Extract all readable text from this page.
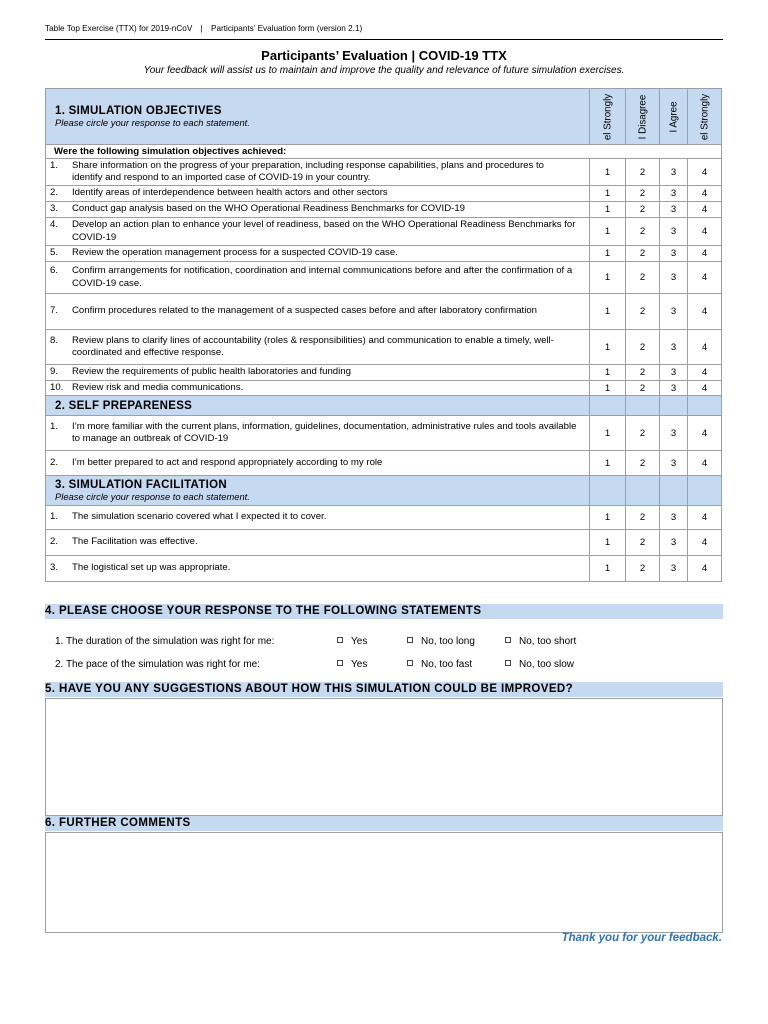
Table Top Exercise (TTX) for 2019-nCoV | Participants’ Evaluation form (version 2.1)
Participants’ Evaluation | COVID-19 TTX
Your feedback will assist us to maintain and improve the quality and relevance of future simulation exercises.
1. SIMULATION OBJECTIVES
Please circle your response to each statement.	el Strongly	I Disagree	I Agree	el Strongly

Were the following simulation objectives achieved:				
1. Share information on the progress of your preparation, including response capabilities, plans and procedures to identify and respond to an imported case of COVID-19 in your country.	1	2	3	4
2. Identify areas of interdependence between health actors and other sectors	1	2	3	4
3. Conduct gap analysis based on the WHO Operational Readiness Benchmarks for COVID-19	1	2	3	4
4. Develop an action plan to enhance your level of readiness, based on the WHO Operational Readiness Benchmarks for COVID-19	1	2	3	4
5. Review the operation management process for a suspected COVID-19 case.	1	2	3	4
6. Confirm arrangements for notification, coordination and internal communications before and after the confirmation of a COVID-19 case.	1	2	3	4
7. Confirm procedures related to the management of a suspected cases before and after laboratory confirmation	1	2	3	4
8. Review plans to clarify lines of accountability (roles & responsibilities) and communication to enable a timely, well-coordinated and effective response.	1	2	3	4
9. Review the requirements of public health laboratories and funding	1	2	3	4
10. Review risk and media communications.	1	2	3	4

2. SELF PREPARENESS				

1. I’m more familiar with the current plans, information, guidelines, documentation, administrative rules and tools available to manage an outbreak of COVID-19	1	2	3	4
2. I’m better prepared to act and respond appropriately according to my role	1	2	3	4

3. SIMULATION FACILITATION
Please circle your response to each statement.				

1. The simulation scenario covered what I expected it to cover.	1	2	3	4
2. The Facilitation was effective.	1	2	3	4
3. The logistical set up was appropriate.	1	2	3	4
4. PLEASE CHOOSE YOUR RESPONSE TO THE FOLLOWING STATEMENTS
1. The duration of the simulation was right for me:	Yes	No, too long	No, too short
2. The pace of the simulation was right for me:	Yes	No, too fast	No, too slow
5. HAVE YOU ANY SUGGESTIONS ABOUT HOW THIS SIMULATION COULD BE IMPROVED?
6. FURTHER COMMENTS
Thank you for your feedback.
